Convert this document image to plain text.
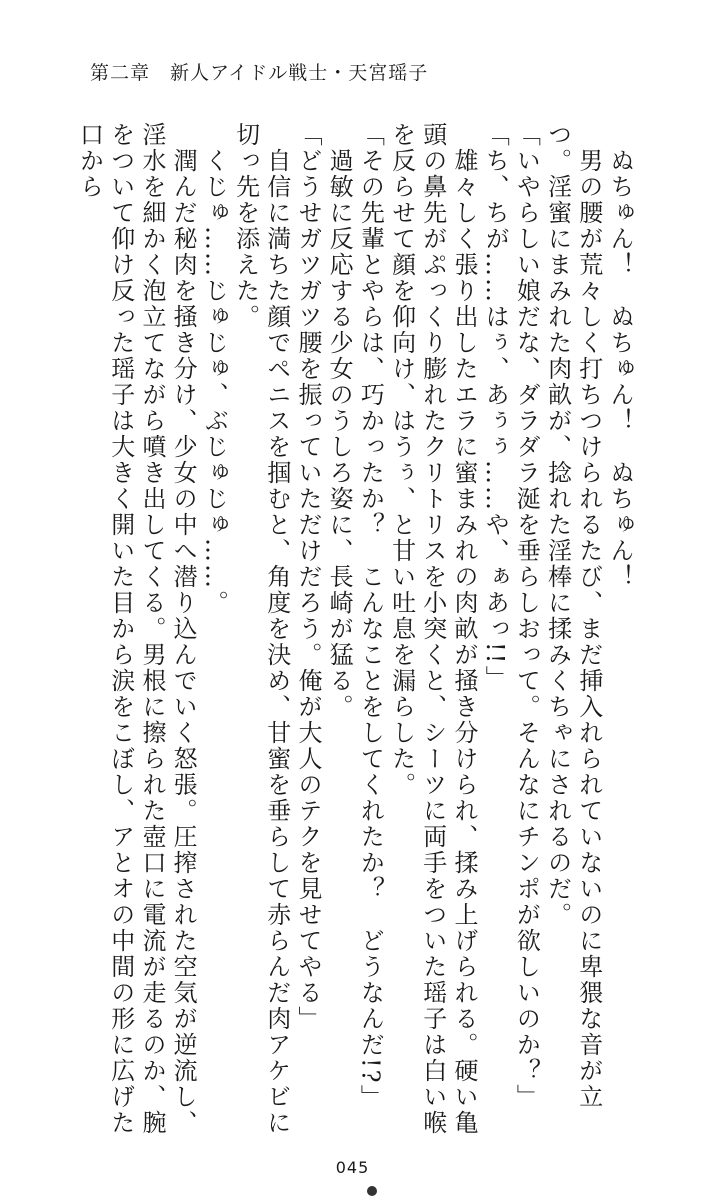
第二章　新人アイドル戦士・天宮瑶子

　ぬちゅん！　ぬちゅん！　ぬちゅん！

　男の腰が荒々しく打ちつけられるたび、まだ挿入れられていないのに卑猥な音が立つ。淫蜜にまみれた肉畝が、捻れた淫棒に揉みくちゃにされるのだ。

「いやらしい娘だな、ダラダラ涎を垂らしおって。そんなにチンポが欲しいのか？」

「ち、ちが……はぅ、あぅぅ……や、ぁあっ!!」

　雄々しく張り出したエラに蜜まみれの肉畝が掻き分けられ、揉み上げられる。硬い亀頭の鼻先がぷっくり膨れたクリトリスを小突くと、シーツに両手をついた瑶子は白い喉を反らせて顔を仰向け、はうぅ、と甘い吐息を漏らした。

「その先輩とやらは、巧かったか？　こんなことをしてくれたか？　どうなんだ!?」

　過敏に反応する少女のうしろ姿に、長崎が猛る。

「どうせガツガツ腰を振っていただけだろう。俺が大人のテクを見せてやる」

　自信に満ちた顔でペニスを掴むと、角度を決め、甘蜜を垂らして赤らんだ肉アケビに切っ先を添えた。

　くじゅ……じゅじゅ、ぶじゅじゅ……。

　潤んだ秘肉を掻き分け、少女の中へ潜り込んでいく怒張。圧搾された空気が逆流し、淫水を細かく泡立てながら噴き出してくる。男根に擦られた壺口に電流が走るのか、腕をついて仰け反った瑶子は大きく開いた目から涙をこぼし、アとオの中間の形に広げた口から

045
